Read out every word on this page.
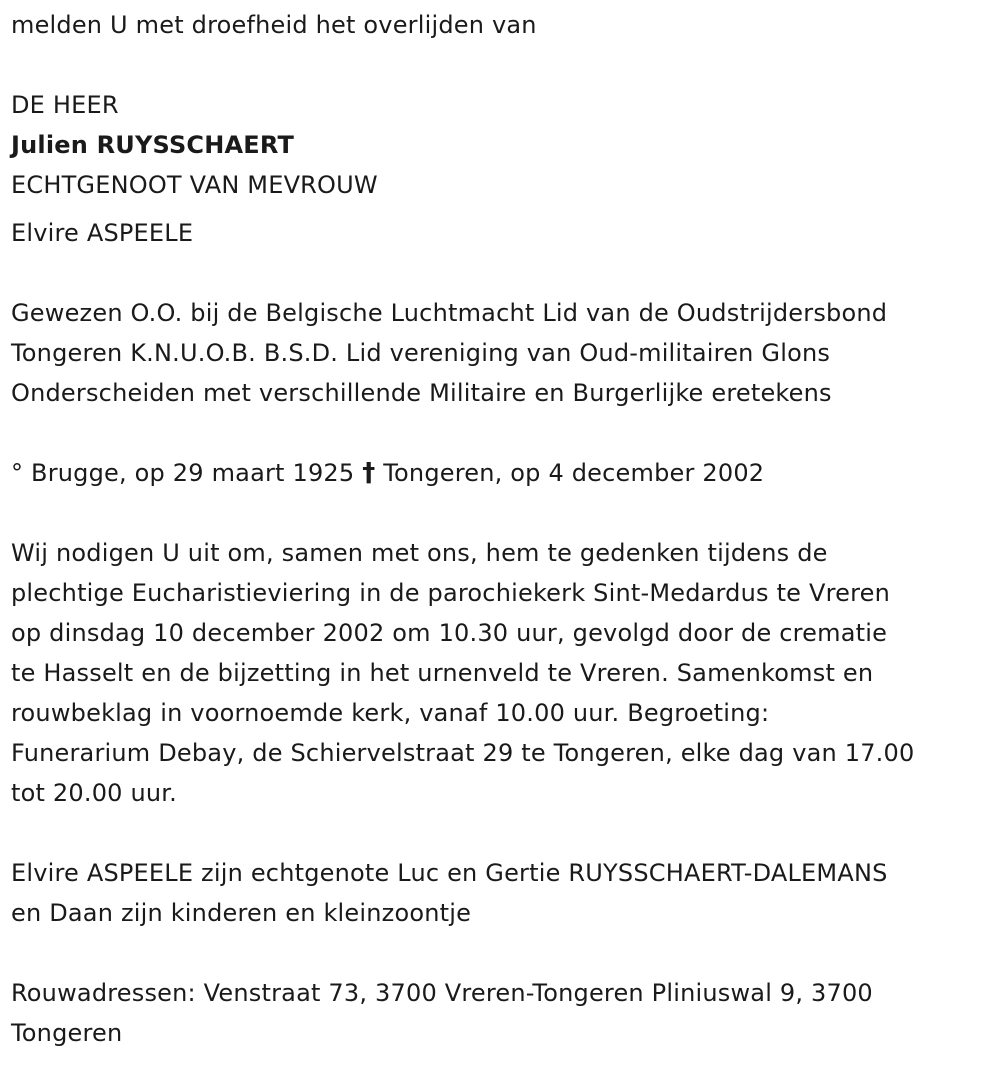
melden U met droefheid het overlijden van
DE HEER
Julien RUYSSCHAERT
ECHTGENOOT VAN MEVROUW
Elvire ASPEELE
Gewezen O.O. bij de Belgische Luchtmacht Lid van de Oudstrijdersbond
Tongeren K.N.U.O.B. B.S.D. Lid vereniging van Oud-militairen Glons
Onderscheiden met verschillende Militaire en Burgerlijke eretekens
° Brugge, op 29 maart 1925 † Tongeren, op 4 december 2002
Wij nodigen U uit om, samen met ons, hem te gedenken tijdens de
plechtige Eucharistieviering in de parochiekerk Sint-Medardus te Vreren
op dinsdag 10 december 2002 om 10.30 uur, gevolgd door de crematie
te Hasselt en de bijzetting in het urnenveld te Vreren. Samenkomst en
rouwbeklag in voornoemde kerk, vanaf 10.00 uur. Begroeting:
Funerarium Debay, de Schiervelstraat 29 te Tongeren, elke dag van 17.00
tot 20.00 uur.
Elvire ASPEELE zijn echtgenote Luc en Gertie RUYSSCHAERT-DALEMANS
en Daan zijn kinderen en kleinzoontje
Rouwadressen: Venstraat 73, 3700 Vreren-Tongeren Pliniuswal 9, 3700
Tongeren
